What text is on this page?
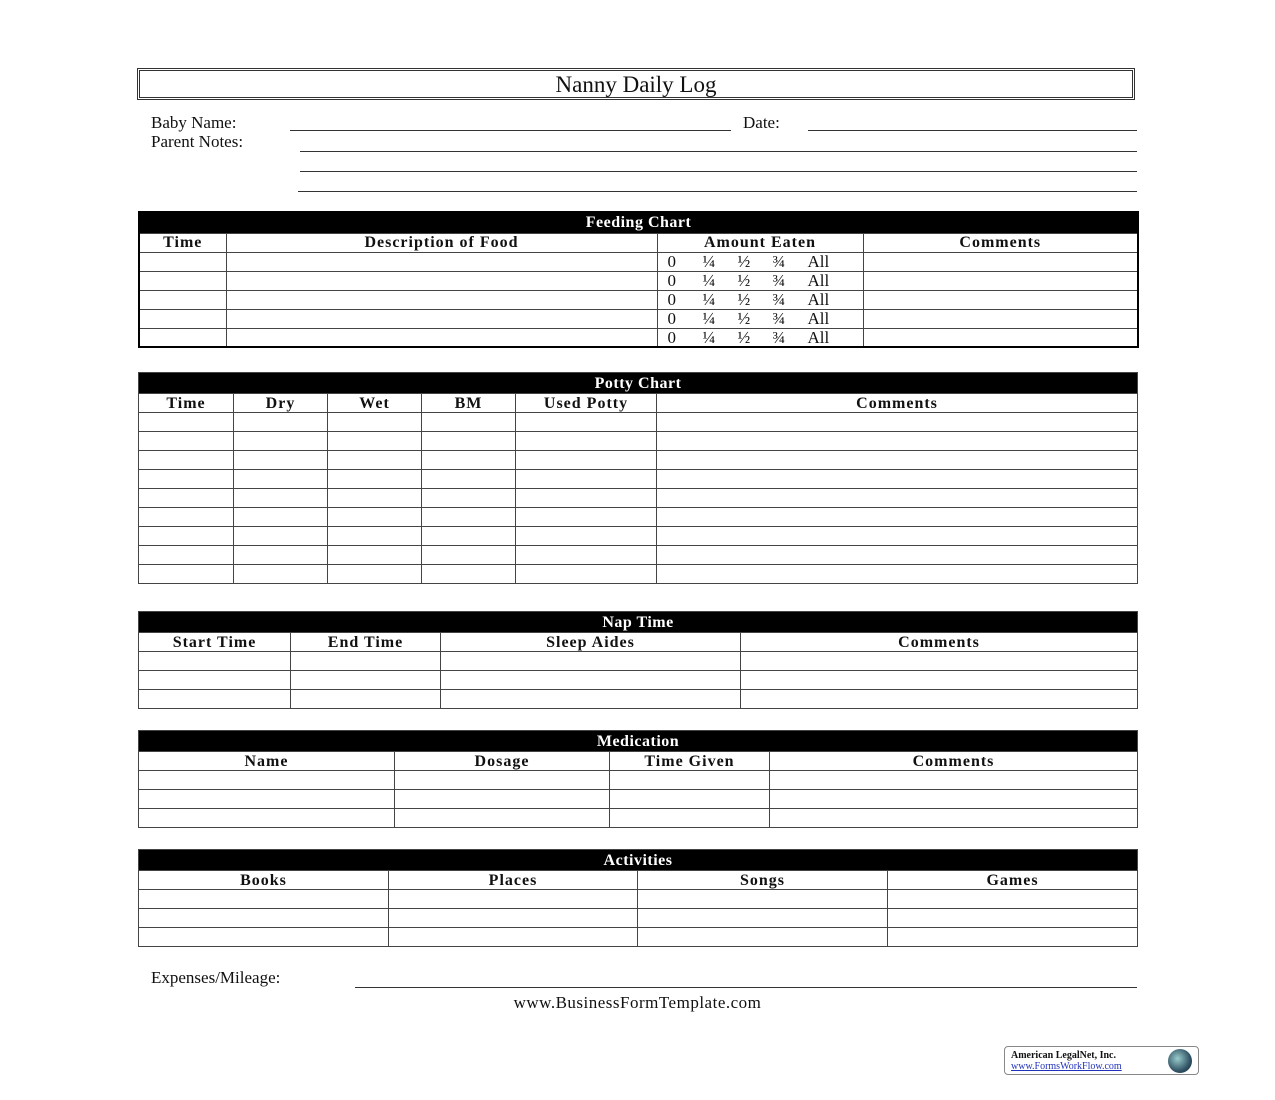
Nanny Daily Log
Baby Name:	Date:
Parent Notes:
Feeding Chart			
Time	Description of Food	Amount Eaten	Comments

		0 ¼ ½ ¾ All	

		0 ¼ ½ ¾ All	

		0 ¼ ½ ¾ All	

		0 ¼ ½ ¾ All	

		0 ¼ ½ ¾ All	

Potty Chart					
Time	Dry	Wet	BM	Used Potty	Comments

Nap Time			
Start Time	End Time	Sleep Aides	Comments

Medication			
Name	Dosage	Time Given	Comments

Activities			
Books	Places	Songs	Games

Expenses/Mileage:
www.BusinessFormTemplate.com
American LegalNet, Inc.
www.FormsWorkFlow.com
